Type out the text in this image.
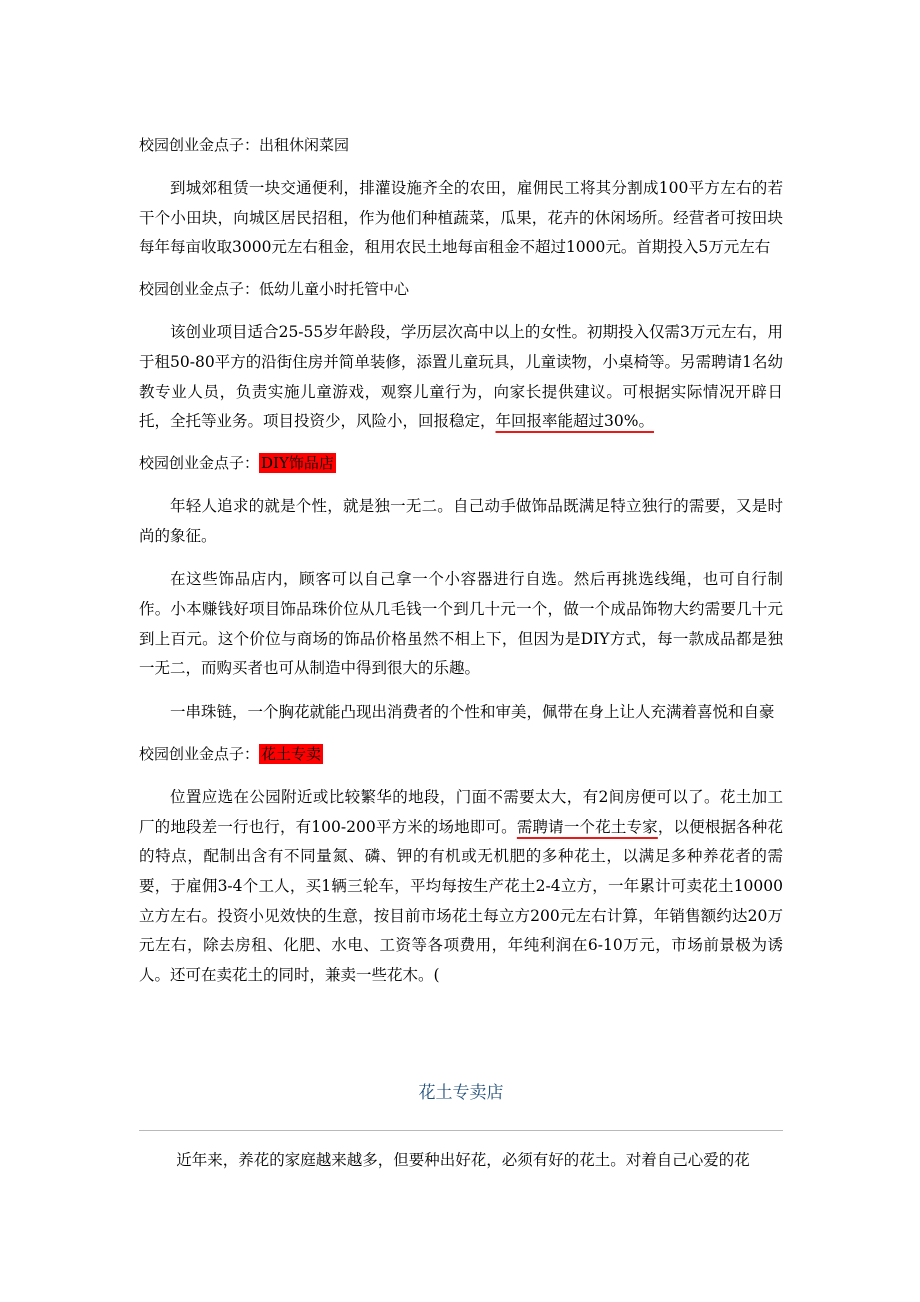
校园创业金点子：出租休闲菜园

到城郊租赁一块交通便利，排灌设施齐全的农田，雇佣民工将其分割成100平方左右的若干个小田块，向城区居民招租，作为他们种植蔬菜，瓜果，花卉的休闲场所。经营者可按田块每年每亩收取3000元左右租金，租用农民土地每亩租金不超过1000元。首期投入5万元左右

校园创业金点子：低幼儿童小时托管中心

该创业项目适合25-55岁年龄段，学历层次高中以上的女性。初期投入仅需3万元左右，用于租50-80平方的沿街住房并简单装修，添置儿童玩具，儿童读物，小桌椅等。另需聘请1名幼教专业人员，负责实施儿童游戏，观察儿童行为，向家长提供建议。可根据实际情况开辟日托，全托等业务。项目投资少，风险小，回报稳定，年回报率能超过30%。

校园创业金点子： DIY饰品店

年轻人追求的就是个性，就是独一无二。自己动手做饰品既满足特立独行的需要，又是时尚的象征。

在这些饰品店内，顾客可以自己拿一个小容器进行自选。然后再挑选线绳，也可自行制作。小本赚钱好项目饰品珠价位从几毛钱一个到几十元一个，做一个成品饰物大约需要几十元到上百元。这个价位与商场的饰品价格虽然不相上下，但因为是DIY方式，每一款成品都是独一无二，而购买者也可从制造中得到很大的乐趣。

一串珠链，一个胸花就能凸现出消费者的个性和审美，佩带在身上让人充满着喜悦和自豪

校园创业金点子： 花土专卖

位置应选在公园附近或比较繁华的地段，门面不需要太大，有2间房便可以了。花土加工厂的地段差一行也行，有100-200平方米的场地即可。需聘请一个花土专家，以便根据各种花的特点，配制出含有不同量氮、磷、钾的有机或无机肥的多种花土，以满足多种养花者的需要，于雇佣3-4个工人，买1辆三轮车，平均每按生产花土2-4立方，一年累计可卖花土10000立方左右。投资小见效快的生意，按目前市场花土每立方200元左右计算，年销售额约达20万元左右，除去房租、化肥、水电、工资等各项费用，年纯利润在6-10万元，市场前景极为诱人。还可在卖花土的同时，兼卖一些花木。(

花土专卖店
近年来，养花的家庭越来越多，但要种出好花，必须有好的花土。对着自己心爱的花
